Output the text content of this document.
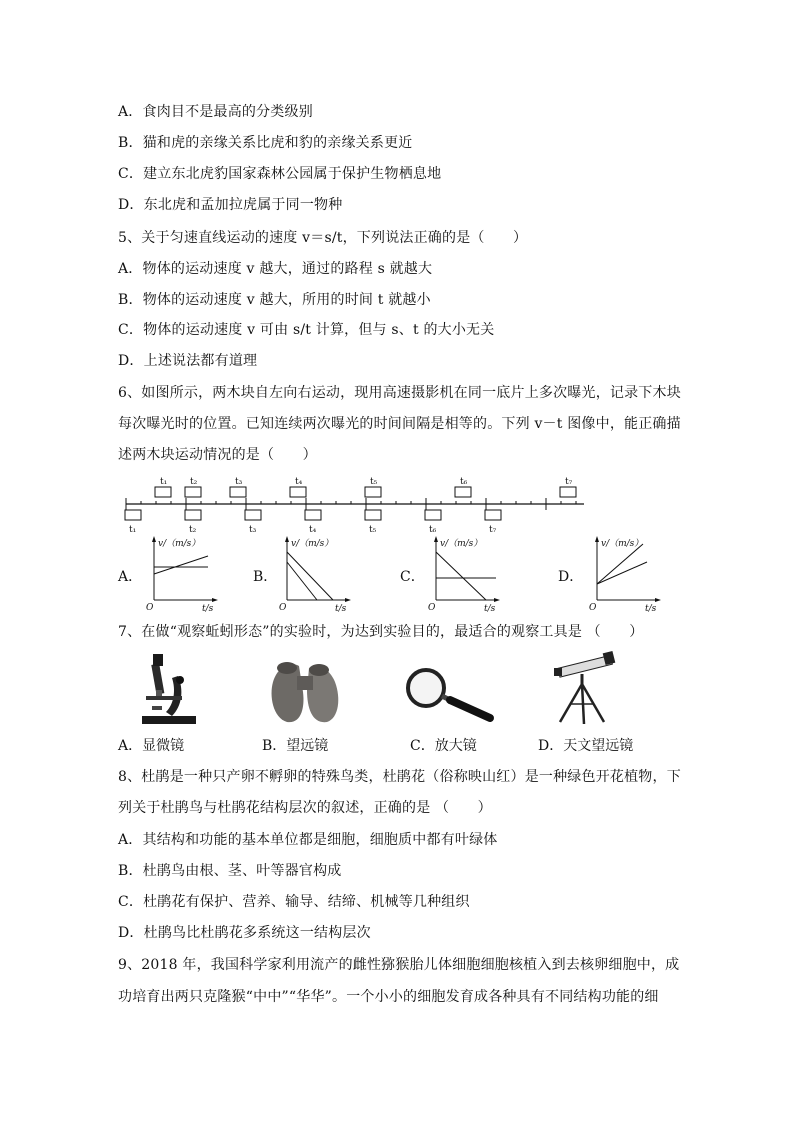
A．食肉目不是最高的分类级别
B．猫和虎的亲缘关系比虎和豹的亲缘关系更近
C．建立东北虎豹国家森林公园属于保护生物栖息地
D．东北虎和孟加拉虎属于同一物种
5、关于匀速直线运动的速度 v＝s/t，下列说法正确的是（　　）
A．物体的运动速度 v 越大，通过的路程 s 就越大
B．物体的运动速度 v 越大，所用的时间 t 就越小
C．物体的运动速度 v 可由 s/t 计算，但与 s、t 的大小无关
D．上述说法都有道理
6、如图所示，两木块自左向右运动，现用高速摄影机在同一底片上多次曝光，记录下木块
每次曝光时的位置。已知连续两次曝光的时间间隔是相等的。下列 v－t 图像中，能正确描
述两木块运动情况的是（　　）
t₁	t₂	t₃	t₄	t₅	t₆	t₇
t₁	t₂	t₃	t₄	t₅	t₆	t₇
A．
v/（m/s）
O	t/s
B．
v/（m/s）
O	t/s
C．
v/（m/s）
O	t/s
D．
v/（m/s）
O	t/s
7、在做“观察蚯蚓形态”的实验时，为达到实验目的，最适合的观察工具是 （　　）
A．显微镜	B．望远镜	C．放大镜	D．天文望远镜
8、杜鹃是一种只产卵不孵卵的特殊鸟类，杜鹃花（俗称映山红）是一种绿色开花植物，下
列关于杜鹃鸟与杜鹃花结构层次的叙述，正确的是 （　　）
A．其结构和功能的基本单位都是细胞，细胞质中都有叶绿体
B．杜鹃鸟由根、茎、叶等器官构成
C．杜鹃花有保护、营养、输导、结缔、机械等几种组织
D．杜鹃鸟比杜鹃花多系统这一结构层次
9、2018 年，我国科学家利用流产的雌性猕猴胎儿体细胞细胞核植入到去核卵细胞中，成
功培育出两只克隆猴“中中”“华华”。一个小小的细胞发育成各种具有不同结构功能的细
